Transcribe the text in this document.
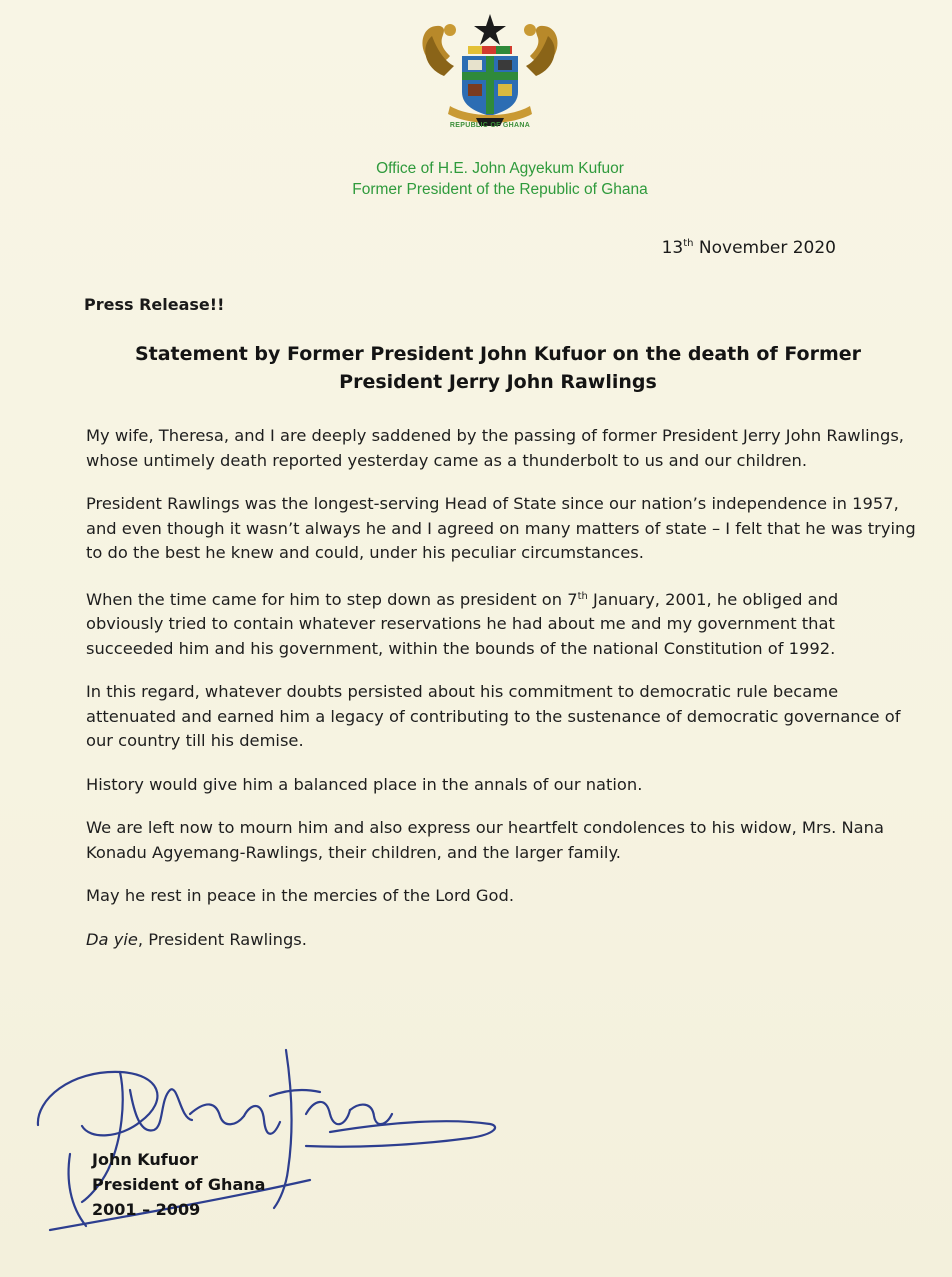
REPUBLIC OF GHANA
Office of H.E. John Agyekum Kufuor
Former President of the Republic of Ghana
13th November 2020
Press Release!!
Statement by Former President John Kufuor on the death of Former
President Jerry John Rawlings

My wife, Theresa, and I are deeply saddened by the passing of former President Jerry John Rawlings, whose untimely death reported yesterday came as a thunderbolt to us and our children.

President Rawlings was the longest-serving Head of State since our nation’s independence in 1957, and even though it wasn’t always he and I agreed on many matters of state – I felt that he was trying to do the best he knew and could, under his peculiar circumstances.

When the time came for him to step down as president on 7th January, 2001, he obliged and obviously tried to contain whatever reservations he had about me and my government that succeeded him and his government, within the bounds of the national Constitution of 1992.

In this regard, whatever doubts persisted about his commitment to democratic rule became attenuated and earned him a legacy of contributing to the sustenance of democratic governance of our country till his demise.

History would give him a balanced place in the annals of our nation.

We are left now to mourn him and also express our heartfelt condolences to his widow, Mrs. Nana Konadu Agyemang-Rawlings, their children, and the larger family.

May he rest in peace in the mercies of the Lord God.

Da yie, President Rawlings.

John Kufuor
President of Ghana
2001 – 2009
